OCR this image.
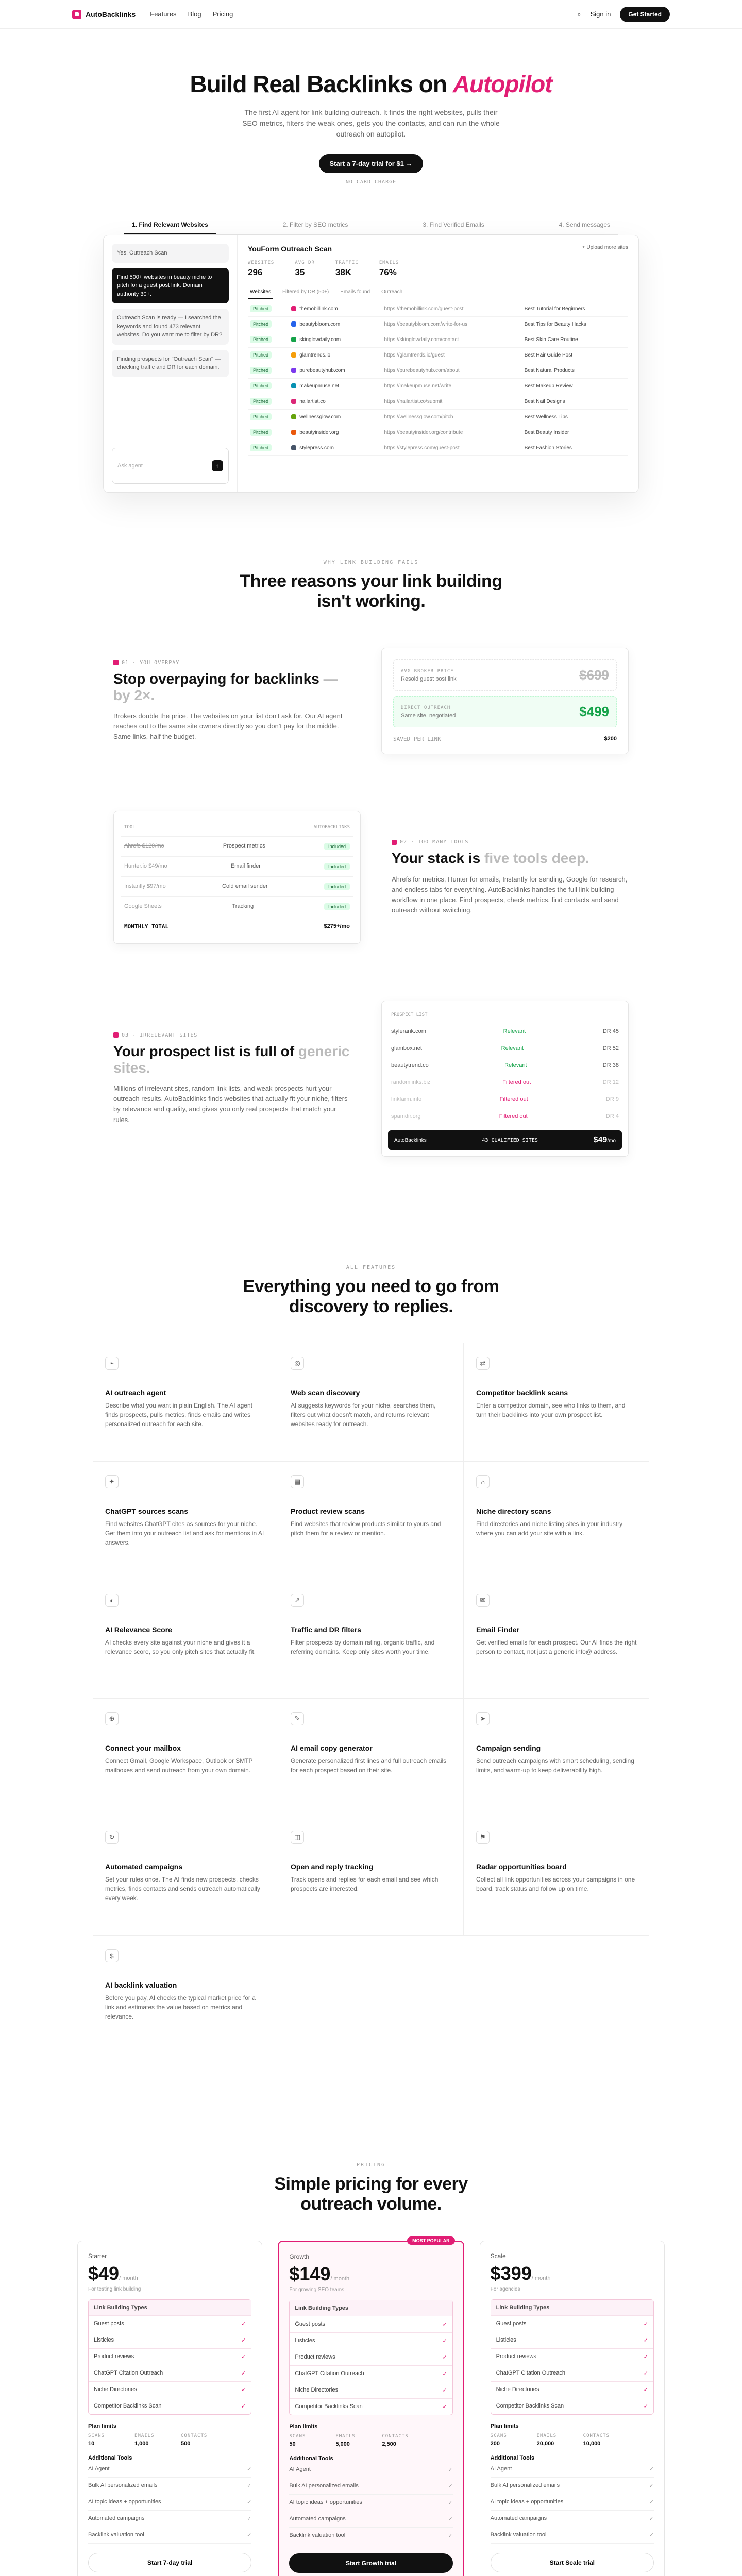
AutoBacklinks Features Blog Pricing	⌕ Sign in	Get Started
Build Real Backlinks on Autopilot

The first AI agent for link building outreach. It finds the right websites, pulls their SEO metrics, filters the weak ones, gets you the contacts, and can run the whole outreach on autopilot.

Start a 7-day trial for $1 →
NO CARD CHARGE
1. Find Relevant Websites	2. Filter by SEO metrics	3. Find Verified Emails	4. Send messages
Yes! Outreach Scan
Find 500+ websites in beauty niche to pitch for a guest post link. Domain authority 30+.
Outreach Scan is ready — I searched the keywords and found 473 relevant websites. Do you want me to filter by DR?
Finding prospects for "Outreach Scan" — checking traffic and DR for each domain.
Ask agent	↑
YouForm Outreach Scan	+ Upload more sites
WEBSITES
296
AVG DR
35
TRAFFIC
38K
EMAILS
76%
Websites	Filtered by DR (50+)	Emails found	Outreach
Pitched	themobillink.com	https://themobillink.com/guest-post	Best Tutorial for Beginners
Pitched	beautybloom.com	https://beautybloom.com/write-for-us	Best Tips for Beauty Hacks
Pitched	skinglowdaily.com	https://skinglowdaily.com/contact	Best Skin Care Routine
Pitched	glamtrends.io	https://glamtrends.io/guest	Best Hair Guide Post
Pitched	purebeautyhub.com	https://purebeautyhub.com/about	Best Natural Products
Pitched	makeupmuse.net	https://makeupmuse.net/write	Best Makeup Review
Pitched	nailartist.co	https://nailartist.co/submit	Best Nail Designs
Pitched	wellnessglow.com	https://wellnessglow.com/pitch	Best Wellness Tips
Pitched	beautyinsider.org	https://beautyinsider.org/contribute	Best Beauty Insider
Pitched	stylepress.com	https://stylepress.com/guest-post	Best Fashion Stories
WHY LINK BUILDING FAILS
Three reasons your link building isn't working.
01 · YOU OVERPAY
Stop overpaying for backlinks — by 2×.

Brokers double the price. The websites on your list don't ask for. Our AI agent reaches out to the same site owners directly so you don't pay for the middle. Same links, half the budget.

AVG BROKER PRICE
Resold guest post link	$699
DIRECT OUTREACH
Same site, negotiated	$499
SAVED PER LINK	$200
TOOL	AUTOBACKLINKS
Ahrefs $129/mo	Prospect metrics	Included
Hunter.io $49/mo	Email finder	Included
Instantly $97/mo	Cold email sender	Included
Google Sheets	Tracking	Included
MONTHLY TOTAL	$275+/mo
02 · TOO MANY TOOLS
Your stack is five tools deep.

Ahrefs for metrics, Hunter for emails, Instantly for sending, Google for research, and endless tabs for everything. AutoBacklinks handles the full link building workflow in one place. Find prospects, check metrics, find contacts and send outreach without switching.

03 · IRRELEVANT SITES
Your prospect list is full of generic sites.

Millions of irrelevant sites, random link lists, and weak prospects hurt your outreach results. AutoBacklinks finds websites that actually fit your niche, filters by relevance and quality, and gives you only real prospects that match your rules.

PROSPECT LIST
stylerank.com	Relevant	DR 45
glambox.net	Relevant	DR 52
beautytrend.co	Relevant	DR 38
randomlinks.biz	Filtered out	DR 12
linkfarm.info	Filtered out	DR 9
spamdir.org	Filtered out	DR 4
AutoBacklinks	43 QUALIFIED SITES	$49/mo
ALL FEATURES
Everything you need to go from discovery to replies.
⌁
AI outreach agent

Describe what you want in plain English. The AI agent finds prospects, pulls metrics, finds emails and writes personalized outreach for each site.

◎
Web scan discovery

AI suggests keywords for your niche, searches them, filters out what doesn't match, and returns relevant websites ready for outreach.

⇄
Competitor backlink scans

Enter a competitor domain, see who links to them, and turn their backlinks into your own prospect list.

✦
ChatGPT sources scans

Find websites ChatGPT cites as sources for your niche. Get them into your outreach list and ask for mentions in AI answers.

▤
Product review scans

Find websites that review products similar to yours and pitch them for a review or mention.

⌂
Niche directory scans

Find directories and niche listing sites in your industry where you can add your site with a link.

◐
AI Relevance Score

AI checks every site against your niche and gives it a relevance score, so you only pitch sites that actually fit.

↗
Traffic and DR filters

Filter prospects by domain rating, organic traffic, and referring domains. Keep only sites worth your time.

✉
Email Finder

Get verified emails for each prospect. Our AI finds the right person to contact, not just a generic info@ address.

⊕
Connect your mailbox

Connect Gmail, Google Workspace, Outlook or SMTP mailboxes and send outreach from your own domain.

✎
AI email copy generator

Generate personalized first lines and full outreach emails for each prospect based on their site.

➤
Campaign sending

Send outreach campaigns with smart scheduling, sending limits, and warm-up to keep deliverability high.

↻
Automated campaigns

Set your rules once. The AI finds new prospects, checks metrics, finds contacts and sends outreach automatically every week.

◫
Open and reply tracking

Track opens and replies for each email and see which prospects are interested.

⚑
Radar opportunities board

Collect all link opportunities across your campaigns in one board, track status and follow up on time.

$
AI backlink valuation

Before you pay, AI checks the typical market price for a link and estimates the value based on metrics and relevance.

PRICING
Simple pricing for every outreach volume.
Starter
$49/ month
For testing link building
Link Building Types
Guest posts	✓
Listicles	✓
Product reviews	✓
ChatGPT Citation Outreach	✓
Niche Directories	✓
Competitor Backlinks Scan	✓
Plan limits
SCANS	EMAILS	CONTACTS
10	1,000	500
Additional Tools
AI Agent	✓
Bulk AI personalized emails	✓
AI topic ideas + opportunities	✓
Automated campaigns	✓
Backlink valuation tool	✓
Start 7-day trial
MOST POPULAR
Growth
$149/ month
For growing SEO teams
Link Building Types
Guest posts	✓
Listicles	✓
Product reviews	✓
ChatGPT Citation Outreach	✓
Niche Directories	✓
Competitor Backlinks Scan	✓
Plan limits
SCANS	EMAILS	CONTACTS
50	5,000	2,500
Additional Tools
AI Agent	✓
Bulk AI personalized emails	✓
AI topic ideas + opportunities	✓
Automated campaigns	✓
Backlink valuation tool	✓
Start Growth trial
Scale
$399/ month
For agencies
Link Building Types
Guest posts	✓
Listicles	✓
Product reviews	✓
ChatGPT Citation Outreach	✓
Niche Directories	✓
Competitor Backlinks Scan	✓
Plan limits
SCANS	EMAILS	CONTACTS
200	20,000	10,000
Additional Tools
AI Agent	✓
Bulk AI personalized emails	✓
AI topic ideas + opportunities	✓
Automated campaigns	✓
Backlink valuation tool	✓
Start Scale trial
